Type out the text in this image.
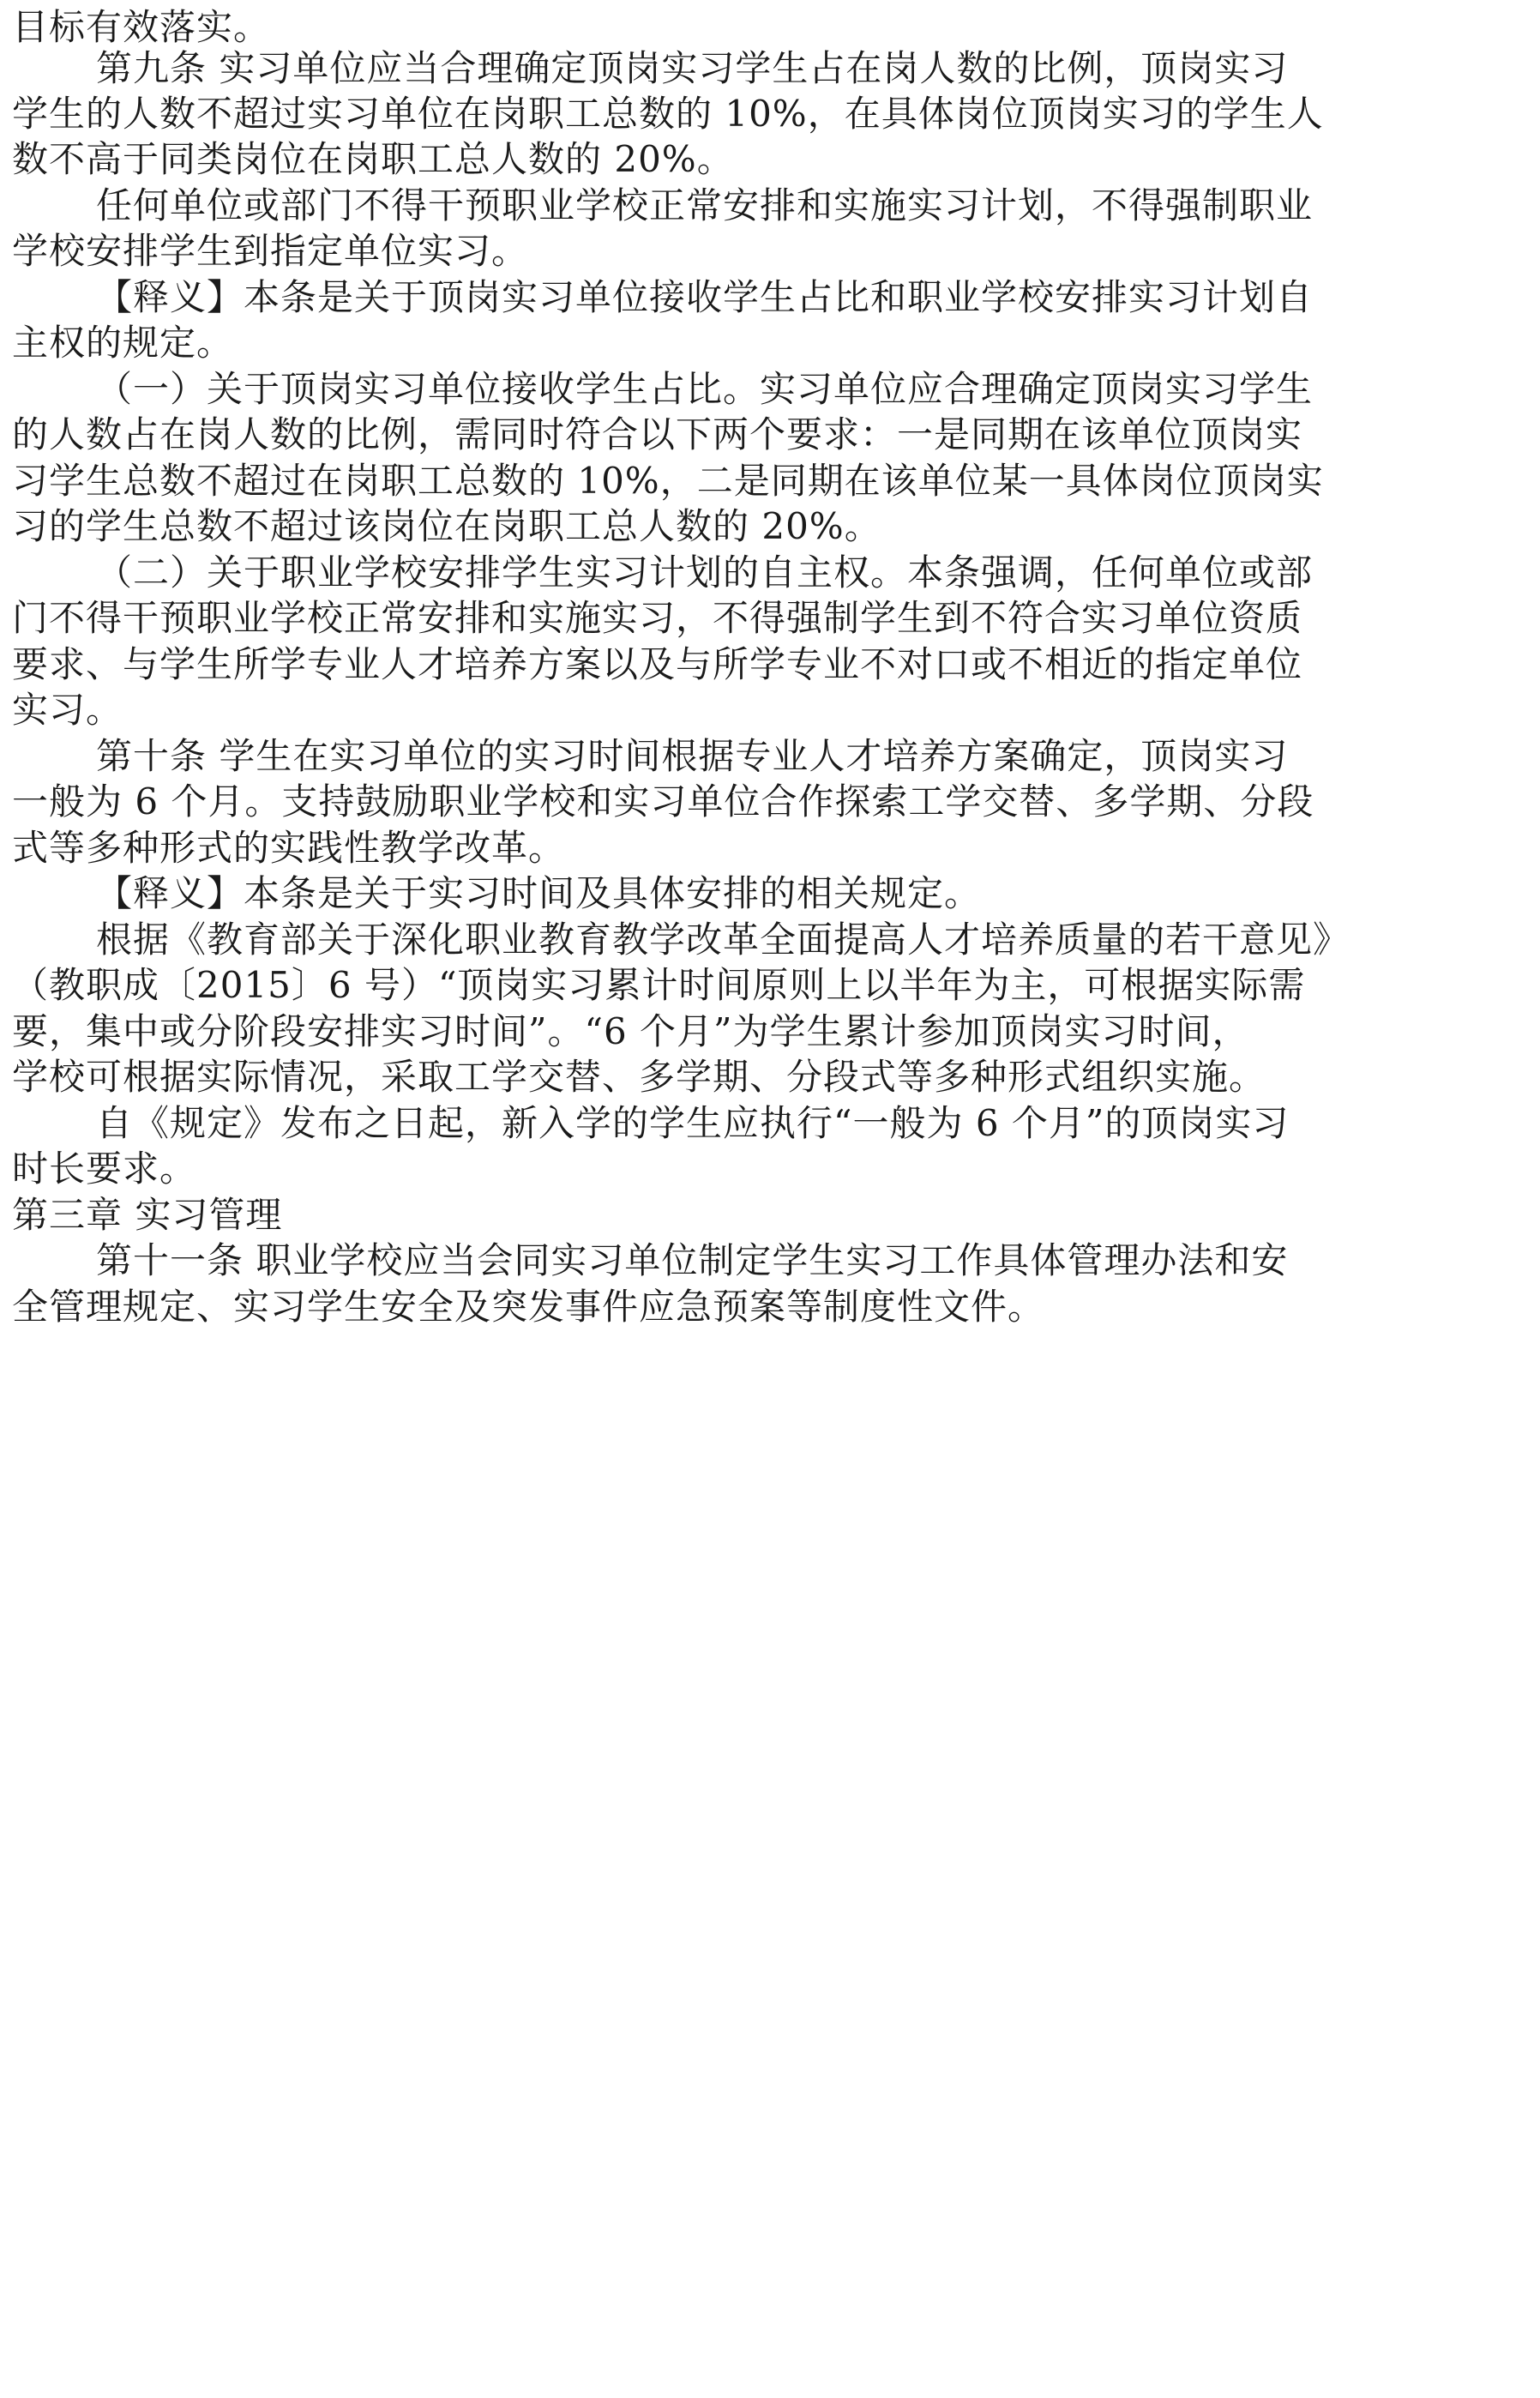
目标有效落实。
第九条 实习单位应当合理确定顶岗实习学生占在岗人数的比例，顶岗实习
学生的人数不超过实习单位在岗职工总数的 10%，在具体岗位顶岗实习的学生人
数不高于同类岗位在岗职工总人数的 20%。
任何单位或部门不得干预职业学校正常安排和实施实习计划，不得强制职业
学校安排学生到指定单位实习。
【释义】本条是关于顶岗实习单位接收学生占比和职业学校安排实习计划自
主权的规定。
（一）关于顶岗实习单位接收学生占比。实习单位应合理确定顶岗实习学生
的人数占在岗人数的比例，需同时符合以下两个要求：一是同期在该单位顶岗实
习学生总数不超过在岗职工总数的 10%，二是同期在该单位某一具体岗位顶岗实
习的学生总数不超过该岗位在岗职工总人数的 20%。
（二）关于职业学校安排学生实习计划的自主权。本条强调，任何单位或部
门不得干预职业学校正常安排和实施实习，不得强制学生到不符合实习单位资质
要求、与学生所学专业人才培养方案以及与所学专业不对口或不相近的指定单位
实习。
第十条 学生在实习单位的实习时间根据专业人才培养方案确定，顶岗实习
一般为 6 个月。支持鼓励职业学校和实习单位合作探索工学交替、多学期、分段
式等多种形式的实践性教学改革。
【释义】本条是关于实习时间及具体安排的相关规定。
根据《教育部关于深化职业教育教学改革全面提高人才培养质量的若干意见》
（教职成〔2015〕6 号）“顶岗实习累计时间原则上以半年为主，可根据实际需
要，集中或分阶段安排实习时间”。“6 个月”为学生累计参加顶岗实习时间，
学校可根据实际情况，采取工学交替、多学期、分段式等多种形式组织实施。
自《规定》发布之日起，新入学的学生应执行“一般为 6 个月”的顶岗实习
时长要求。
第三章 实习管理
第十一条 职业学校应当会同实习单位制定学生实习工作具体管理办法和安
全管理规定、实习学生安全及突发事件应急预案等制度性文件。
